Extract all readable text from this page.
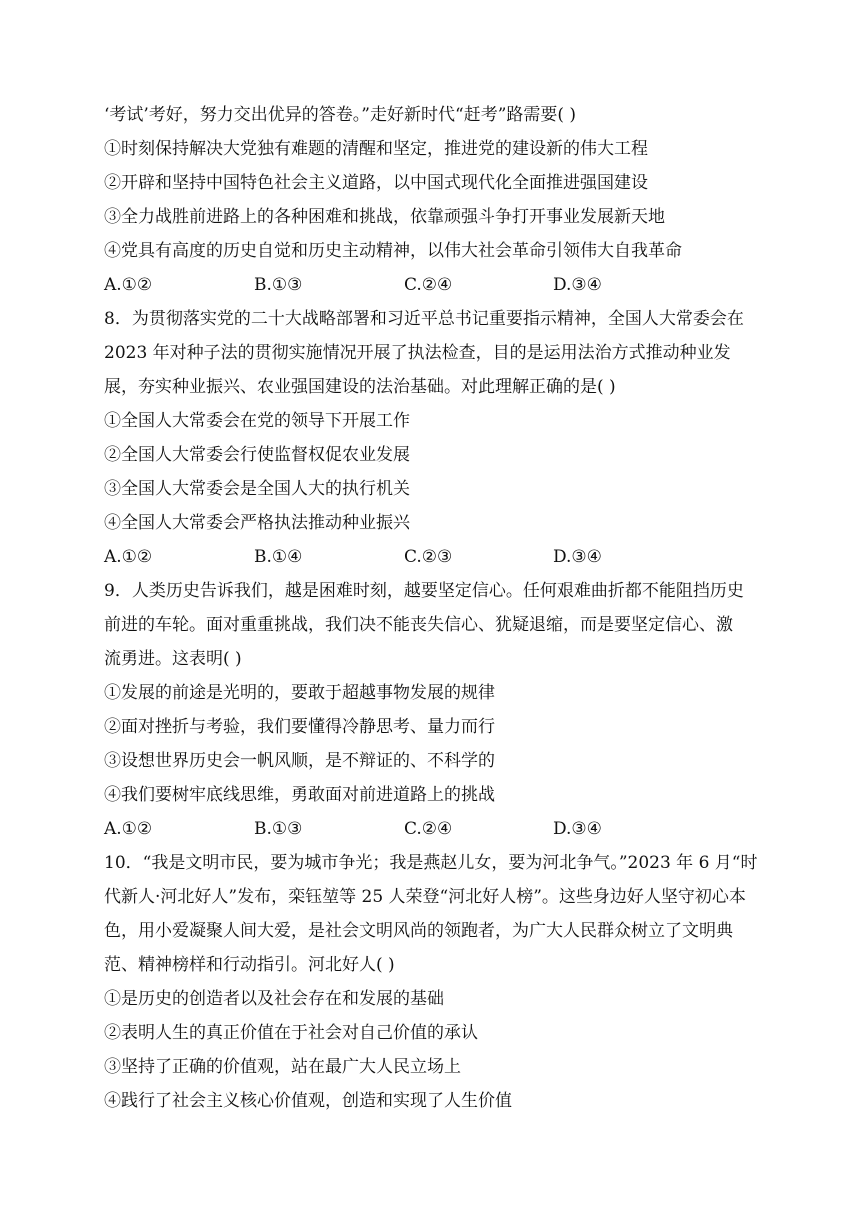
‘考试’考好，努力交出优异的答卷。”走好新时代“赶考”路需要( )
①时刻保持解决大党独有难题的清醒和坚定，推进党的建设新的伟大工程
②开辟和坚持中国特色社会主义道路，以中国式现代化全面推进强国建设
③全力战胜前进路上的各种困难和挑战，依靠顽强斗争打开事业发展新天地
④党具有高度的历史自觉和历史主动精神，以伟大社会革命引领伟大自我革命
A.①②	B.①③	C.②④	D.③④
8．为贯彻落实党的二十大战略部署和习近平总书记重要指示精神，全国人大常委会在
2023 年对种子法的贯彻实施情况开展了执法检查，目的是运用法治方式推动种业发
展，夯实种业振兴、农业强国建设的法治基础。对此理解正确的是( )
①全国人大常委会在党的领导下开展工作
②全国人大常委会行使监督权促农业发展
③全国人大常委会是全国人大的执行机关
④全国人大常委会严格执法推动种业振兴
A.①②	B.①④	C.②③	D.③④
9．人类历史告诉我们，越是困难时刻，越要坚定信心。任何艰难曲折都不能阻挡历史
前进的车轮。面对重重挑战，我们决不能丧失信心、犹疑退缩，而是要坚定信心、激
流勇进。这表明( )
①发展的前途是光明的，要敢于超越事物发展的规律
②面对挫折与考验，我们要懂得冷静思考、量力而行
③设想世界历史会一帆风顺，是不辩证的、不科学的
④我们要树牢底线思维，勇敢面对前进道路上的挑战
A.①②	B.①③	C.②④	D.③④
10．“我是文明市民，要为城市争光；我是燕赵儿女，要为河北争气。”2023 年 6 月“时
代新人·河北好人”发布，栾钰堃等 25 人荣登“河北好人榜”。这些身边好人坚守初心本
色，用小爱凝聚人间大爱，是社会文明风尚的领跑者，为广大人民群众树立了文明典
范、精神榜样和行动指引。河北好人( )
①是历史的创造者以及社会存在和发展的基础
②表明人生的真正价值在于社会对自己价值的承认
③坚持了正确的价值观，站在最广大人民立场上
④践行了社会主义核心价值观，创造和实现了人生价值
